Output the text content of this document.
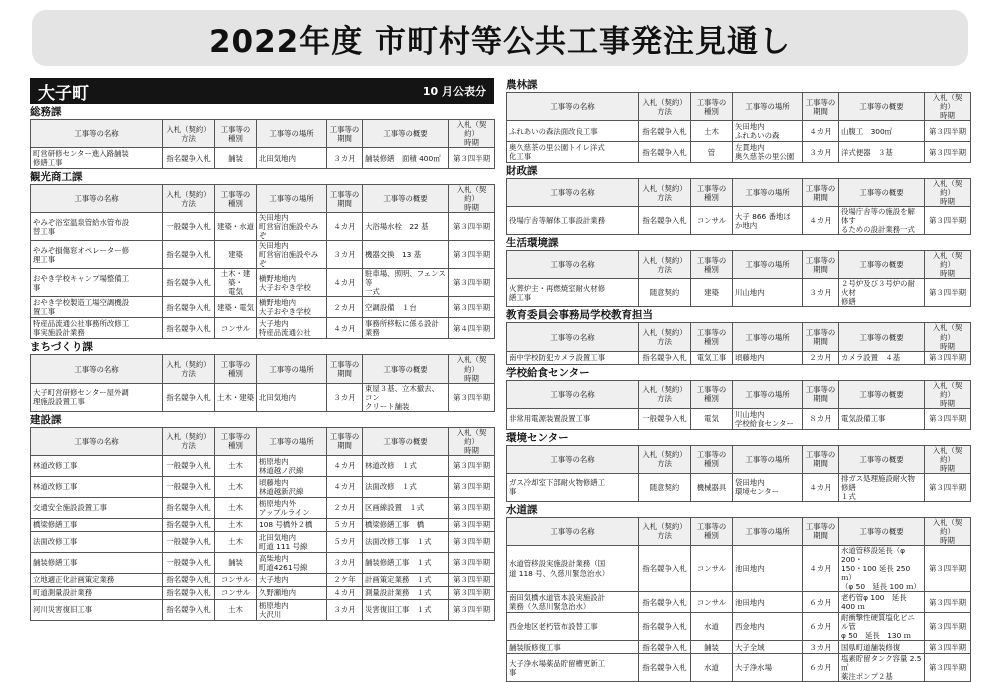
2022年度 市町村等公共工事発注見通し
大子町	10 月公表分
総務課
工事等の名称	入札（契約）
方法	工事等の
種別	工事等の場所	工事等の
期間	工事等の概要	入札（契約）
時期
町営研修センター進入路舗装
修繕工事	指名競争入札	舗装	北田気地内	３カ月	舗装修繕　面積 400㎡	第３四半期
観光商工課
工事等の名称	入札（契約）
方法	工事等の
種別	工事等の場所	工事等の
期間	工事等の概要	入札（契約）
時期
やみぞ浴室温泉管給水管布設
替工事	一般競争入札	建築・水道	矢田地内
町営宿泊施設やみ
ぞ	４カ月	大浴場水栓　22 基	第３四半期
やみぞ損傷窓オペレーター修
理工事	指名競争入札	建築	矢田地内
町営宿泊施設やみ
ぞ	３カ月	機器交換　13 基	第３四半期
おやき学校キャンプ場整備工
事	指名競争入札	土木・建築・
電気	槇野地地内
大子おやき学校	４カ月	駐車場、照明、フェンス等
一式	第３四半期
おやき学校製造工場空調機設
置工事	指名競争入札	建築・電気	槇野地地内
大子おやき学校	２カ月	空調設備　１台	第３四半期
特産品流通公社事務所改修工
事実施設計業務	指名競争入札	コンサル	大子地内
特産品流通公社	４カ月	事務所移転に係る設計業務	第４四半期
まちづくり課
工事等の名称	入札（契約）
方法	工事等の
種別	工事等の場所	工事等の
期間	工事等の概要	入札（契約）
時期
大子町営研修センター屋外調
理施設設置工事	指名競争入札	土木・建築	北田気地内	３カ月	東屋３基、立木撤去、コン
クリート舗装	第３四半期
建設課
工事等の名称	入札（契約）
方法	工事等の
種別	工事等の場所	工事等の
期間	工事等の概要	入札（契約）
時期
林道改修工事	一般競争入札	土木	栃原地内
林道越ノ沢線	４カ月	林道改修　１式	第３四半期
林道改修工事	一般競争入札	土木	頃藤地内
林道越新沢線	４カ月	法面改修　１式	第３四半期
交通安全施設設置工事	指名競争入札	土木	栃原地内外
アップルライン	２カ月	区画線設置　１式	第３四半期
橋梁修繕工事	指名競争入札	土木	108 号橋外２橋	５カ月	橋梁修繕工事　橋	第３四半期
法面改修工事	一般競争入札	土木	北田気地内
町道 111 号線	５カ月	法面改修工事　１式	第３四半期
舗装修繕工事	一般競争入札	舗装	高柴地内
町道4261号線	３カ月	舗装修繕工事　１式	第３四半期
立地適正化計画策定業務	指名競争入札	コンサル	大子地内	２ケ年	計画策定業務　１式	第３四半期
町道測量設計業務	指名競争入札	コンサル	久野瀬地内	４カ月	測量設計業務　１式	第３四半期
河川災害復旧工事	指名競争入札	土木	栃原地内
大沢川	３カ月	災害復旧工事　１式	第３四半期
農林課
工事等の名称	入札（契約）
方法	工事等の
種別	工事等の場所	工事等の
期間	工事等の概要	入札（契約）
時期
ふれあいの森法面改良工事	指名競争入札	土木	矢田地内
ふれあいの森	４カ月	山腹工　300㎡	第３四半期
奥久慈茶の里公園トイレ洋式
化工事	指名競争入札	管	左貫地内
奥久慈茶の里公園	３カ月	洋式便器　３基	第３四半期
財政課
工事等の名称	入札（契約）
方法	工事等の
種別	工事等の場所	工事等の
期間	工事等の概要	入札（契約）
時期
役場庁舎等解体工事設計業務	指名競争入札	コンサル	大子 866 番地ほ
か地内	４カ月	役場庁舎等の施設を解体す
るための設計業務一式	第３四半期
生活環境課
工事等の名称	入札（契約）
方法	工事等の
種別	工事等の場所	工事等の
期間	工事等の概要	入札（契約）
時期
火葬炉主・再燃焼室耐火材修
繕工事	随意契約	建築	川山地内	３カ月	２号炉及び３号炉の耐火材
修繕	第３四半期
教育委員会事務局学校教育担当
工事等の名称	入札（契約）
方法	工事等の
種別	工事等の場所	工事等の
期間	工事等の概要	入札（契約）
時期
南中学校防犯カメラ設置工事	指名競争入札	電気工事	頃藤地内	２カ月	カメラ設置　４基	第３四半期
学校給食センター
工事等の名称	入札（契約）
方法	工事等の
種別	工事等の場所	工事等の
期間	工事等の概要	入札（契約）
時期
非常用電源装置設置工事	一般競争入札	電気	川山地内
学校給食センター	８カ月	電気設備工事	第３四半期
環境センター
工事等の名称	入札（契約）
方法	工事等の
種別	工事等の場所	工事等の
期間	工事等の概要	入札（契約）
時期
ガス冷却室下部耐火物修繕工
事	随意契約	機械器具	袋田地内
環境センター	４カ月	排ガス処理施設耐火物修繕
１式	第３四半期
水道課
工事等の名称	入札（契約）
方法	工事等の
種別	工事等の場所	工事等の
期間	工事等の概要	入札（契約）
時期
水道管移設実施設計業務（国
道 118 号、久慈川緊急治水）	指名競争入札	コンサル	池田地内	４カ月	水道管移設延長（φ 200・
150・100 延長 250 ｍ）
（φ 50　延長 100 ｍ）	第３四半期
南田気橋水道管本設実施設計
業務（久慈川緊急治水）	指名競争入札	コンサル	池田地内	６カ月	老朽管φ 100　延長 400 ｍ	第３四半期
西金地区老朽管布設替工事	指名競争入札	水道	西金地内	６カ月	耐衝撃性硬質塩化ビニル管
φ 50　延長　130 ｍ	第３四半期
舗装版修復工事	指名競争入札	舗装	大子全域	３カ月	国県町道舗装修復	第３四半期
大子浄水場薬品貯留槽更新工
事	指名競争入札	水道	大子浄水場	６カ月	塩素貯留タンク容量 2.5㎥
薬注ポンプ２基	第３四半期
